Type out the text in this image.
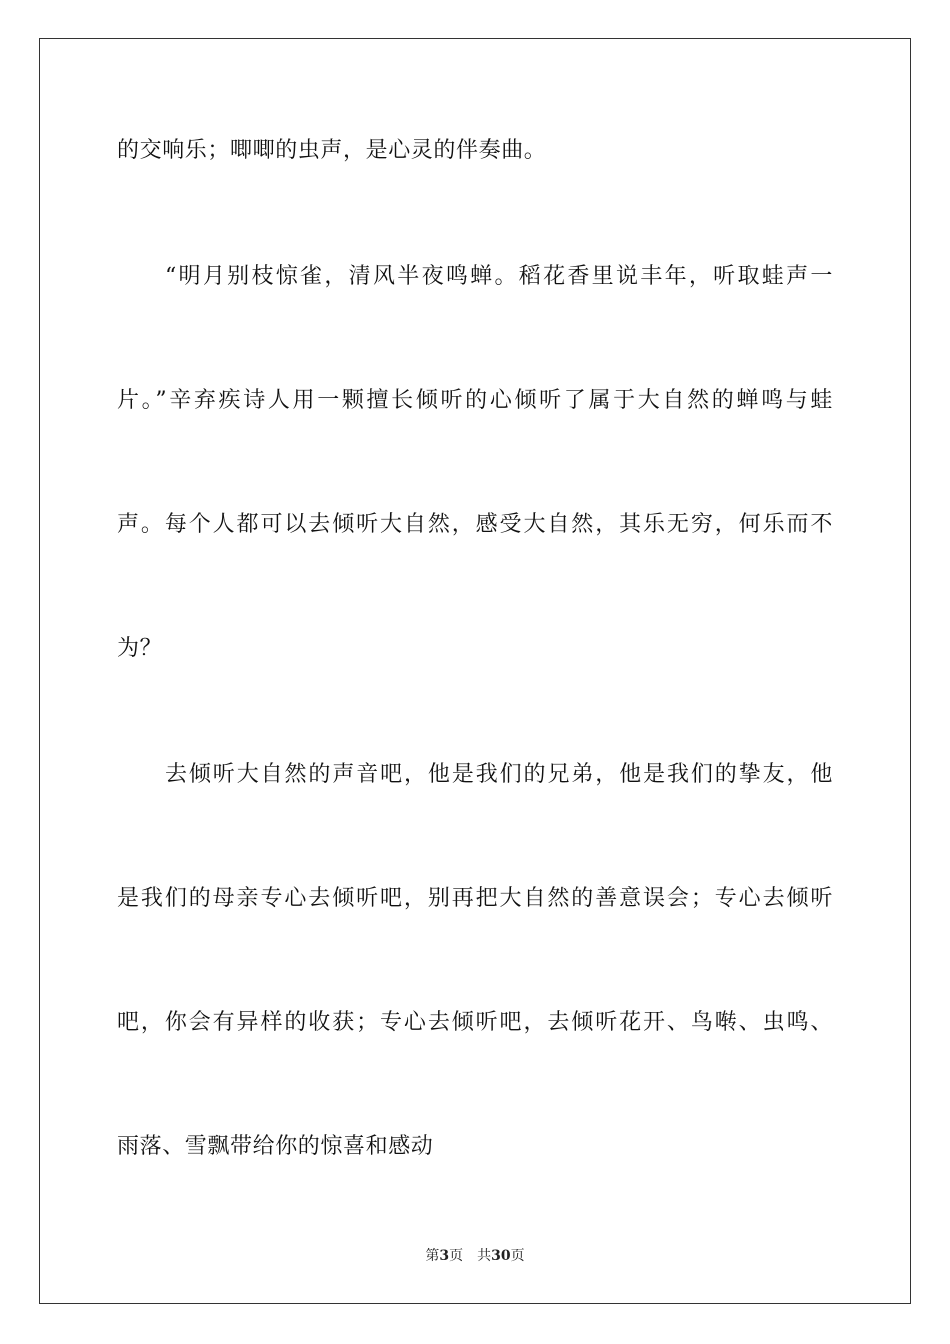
的交响乐；唧唧的虫声，是心灵的伴奏曲。
“明月别枝惊雀，清风半夜鸣蝉。稻花香里说丰年，听取蛙声一
片。”辛弃疾诗人用一颗擅长倾听的心倾听了属于大自然的蝉鸣与蛙
声。每个人都可以去倾听大自然，感受大自然，其乐无穷，何乐而不
为？
去倾听大自然的声音吧，他是我们的兄弟，他是我们的挚友，他
是我们的母亲专心去倾听吧，别再把大自然的善意误会；专心去倾听
吧，你会有异样的收获；专心去倾听吧，去倾听花开、鸟啭、虫鸣、
雨落、雪飘带给你的惊喜和感动
第3页 共30页
